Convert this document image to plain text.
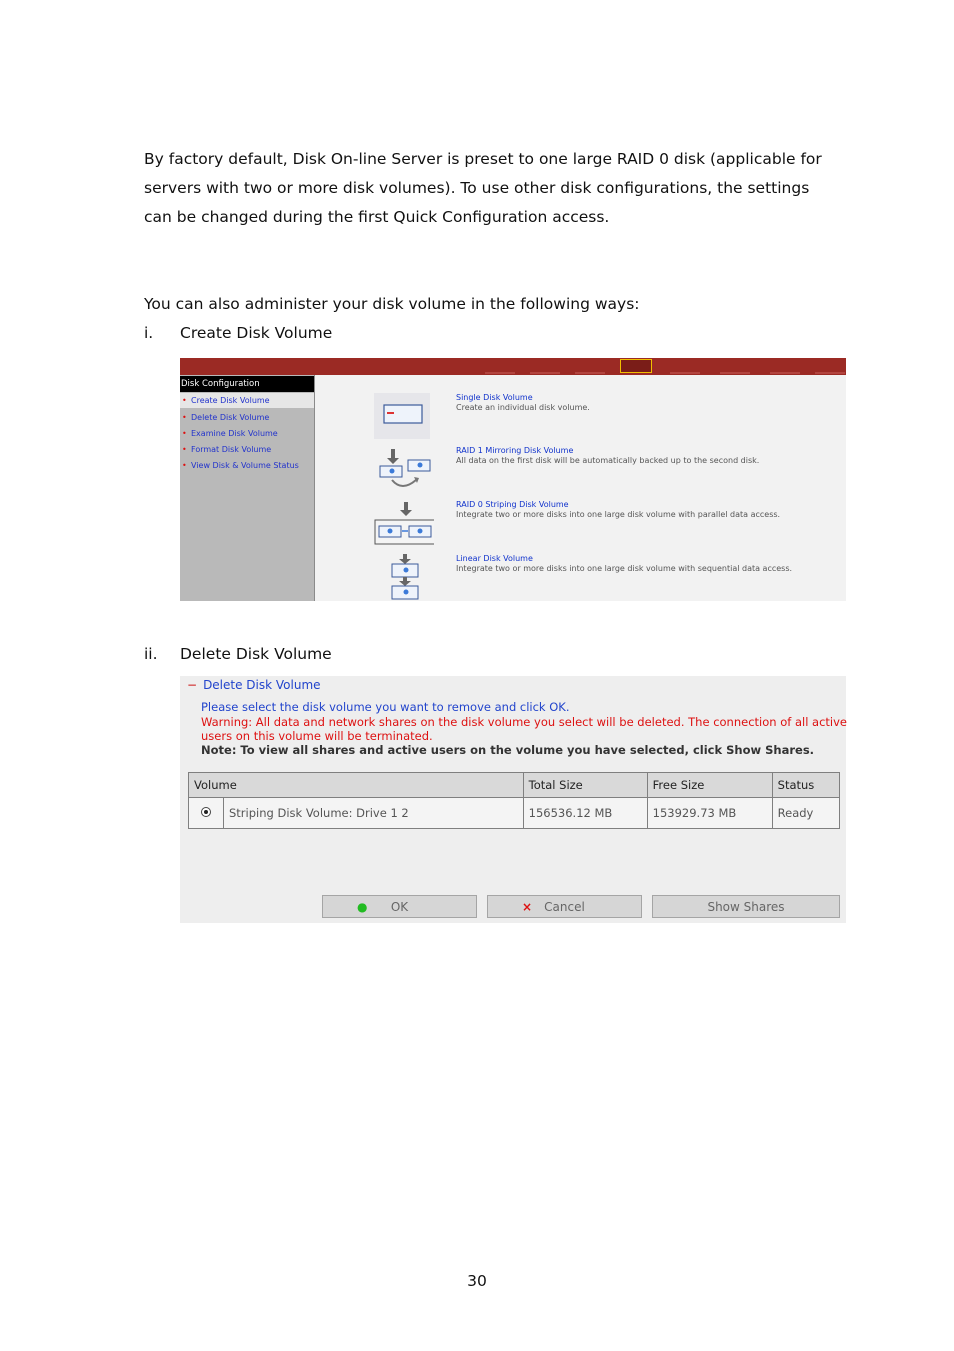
By factory default, Disk On-line Server is preset to one large RAID 0 disk (applicable for servers with two or more disk volumes). To use other disk configurations, the settings can be changed during the first Quick Configuration access.
You can also administer your disk volume in the following ways:
i. Create Disk Volume
Disk Configuration
• Create Disk Volume
• Delete Disk Volume
• Examine Disk Volume
• Format Disk Volume
• View Disk & Volume Status
Single Disk Volume
Create an individual disk volume.
RAID 1 Mirroring Disk Volume
All data on the first disk will be automatically backed up to the second disk.
RAID 0 Striping Disk Volume
Integrate two or more disks into one large disk volume with parallel data access.
Linear Disk Volume
Integrate two or more disks into one large disk volume with sequential data access.
ii. Delete Disk Volume
− Delete Disk Volume
Please select the disk volume you want to remove and click OK.
Warning: All data and network shares on the disk volume you select will be deleted. The connection of all active
users on this volume will be terminated.
Note: To view all shares and active users on the volume you have selected, click Show Shares.
Volume		Total Size	Free Size	Status
	Striping Disk Volume: Drive 1 2	156536.12 MB	153929.73 MB	Ready
● OK	× Cancel	Show Shares
30
